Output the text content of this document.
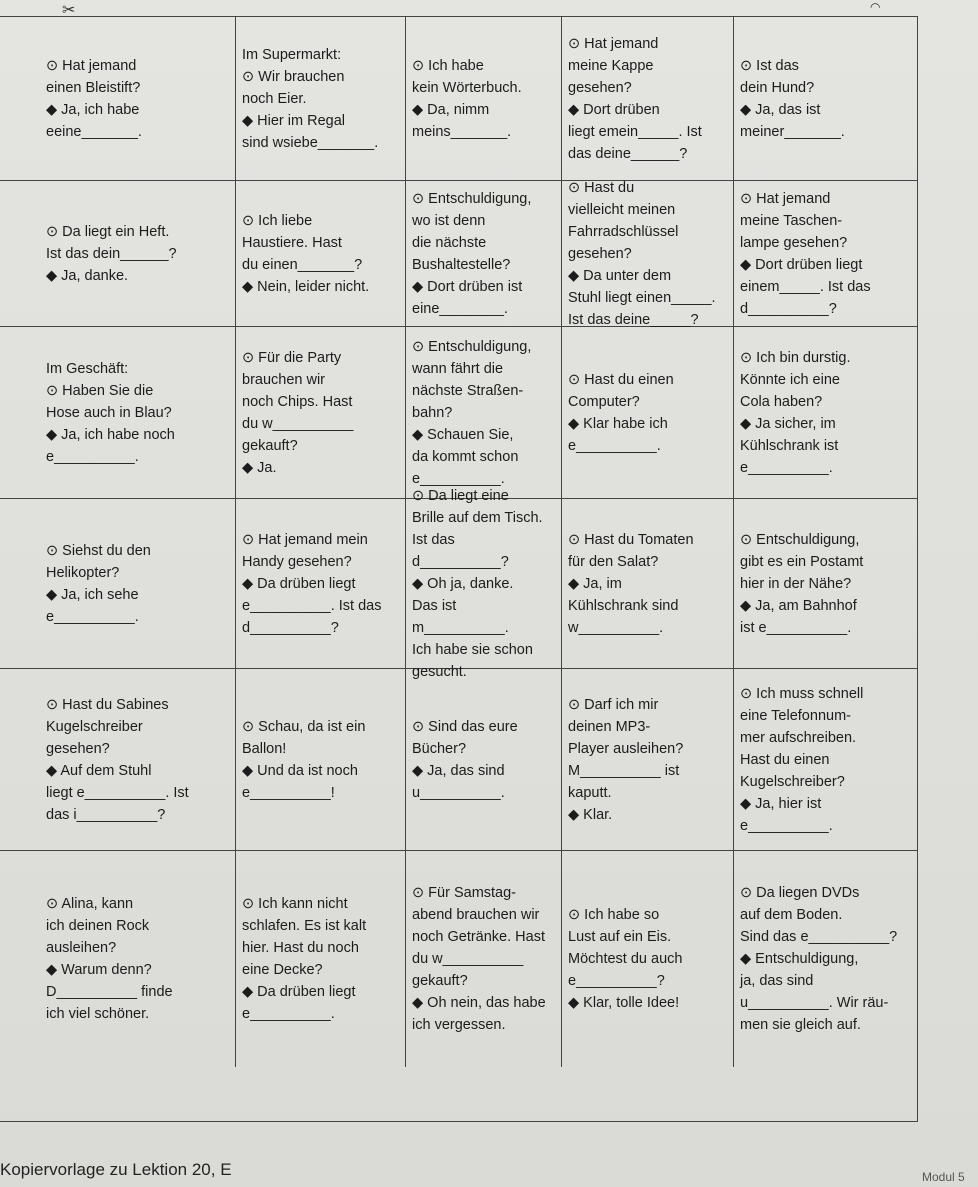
✂	◠
⊙ Hat jemand
einen Bleistift?
◆ Ja, ich habe
eeine_______.
Im Supermarkt:
⊙ Wir brauchen
noch Eier.
◆ Hier im Regal
sind wsiebe_______.
⊙ Ich habe
kein Wörterbuch.
◆ Da, nimm
meins_______.
⊙ Hat jemand
meine Kappe
gesehen?
◆ Dort drüben
liegt emein_____. Ist
das deine______?
⊙ Ist das
dein Hund?
◆ Ja, das ist
meiner_______.
⊙ Da liegt ein Heft.
Ist das dein______?
◆ Ja, danke.
⊙ Ich liebe
Haustiere. Hast
du einen_______?
◆ Nein, leider nicht.
⊙ Entschuldigung,
wo ist denn
die nächste
Bushaltestelle?
◆ Dort drüben ist
eine________.
⊙ Hast du
vielleicht meinen
Fahrradschlüssel
gesehen?
◆ Da unter dem
Stuhl liegt einen_____.
Ist das deine_____?
⊙ Hat jemand
meine Taschen-
lampe gesehen?
◆ Dort drüben liegt
einem_____. Ist das
d__________?
Im Geschäft:
⊙ Haben Sie die
Hose auch in Blau?
◆ Ja, ich habe noch
e__________.
⊙ Für die Party
brauchen wir
noch Chips. Hast
du w__________
gekauft?
◆ Ja.
⊙ Entschuldigung,
wann fährt die
nächste Straßen-
bahn?
◆ Schauen Sie,
da kommt schon
e__________.
⊙ Hast du einen
Computer?
◆ Klar habe ich
e__________.
⊙ Ich bin durstig.
Könnte ich eine
Cola haben?
◆ Ja sicher, im
Kühlschrank ist
e__________.
⊙ Siehst du den
Helikopter?
◆ Ja, ich sehe
e__________.
⊙ Hat jemand mein
Handy gesehen?
◆ Da drüben liegt
e__________. Ist das
d__________?
⊙ Da liegt eine
Brille auf dem Tisch.
Ist das d__________?
◆ Oh ja, danke.
Das ist m__________.
Ich habe sie schon
gesucht.
⊙ Hast du Tomaten
für den Salat?
◆ Ja, im
Kühlschrank sind
w__________.
⊙ Entschuldigung,
gibt es ein Postamt
hier in der Nähe?
◆ Ja, am Bahnhof
ist e__________.
⊙ Hast du Sabines
Kugelschreiber
gesehen?
◆ Auf dem Stuhl
liegt e__________. Ist
das i__________?
⊙ Schau, da ist ein
Ballon!
◆ Und da ist noch
e__________!
⊙ Sind das eure
Bücher?
◆ Ja, das sind
u__________.
⊙ Darf ich mir
deinen MP3-
Player ausleihen?
M__________ ist
kaputt.
◆ Klar.
⊙ Ich muss schnell
eine Telefonnum-
mer aufschreiben.
Hast du einen
Kugelschreiber?
◆ Ja, hier ist
e__________.
⊙ Alina, kann
ich deinen Rock
ausleihen?
◆ Warum denn?
D__________ finde
ich viel schöner.
⊙ Ich kann nicht
schlafen. Es ist kalt
hier. Hast du noch
eine Decke?
◆ Da drüben liegt
e__________.
⊙ Für Samstag-
abend brauchen wir
noch Getränke. Hast
du w__________
gekauft?
◆ Oh nein, das habe
ich vergessen.
⊙ Ich habe so
Lust auf ein Eis.
Möchtest du auch
e__________?
◆ Klar, tolle Idee!
⊙ Da liegen DVDs
auf dem Boden.
Sind das e__________?
◆ Entschuldigung,
ja, das sind
u__________. Wir räu-
men sie gleich auf.
Kopiervorlage zu Lektion 20, E	Modul 5
